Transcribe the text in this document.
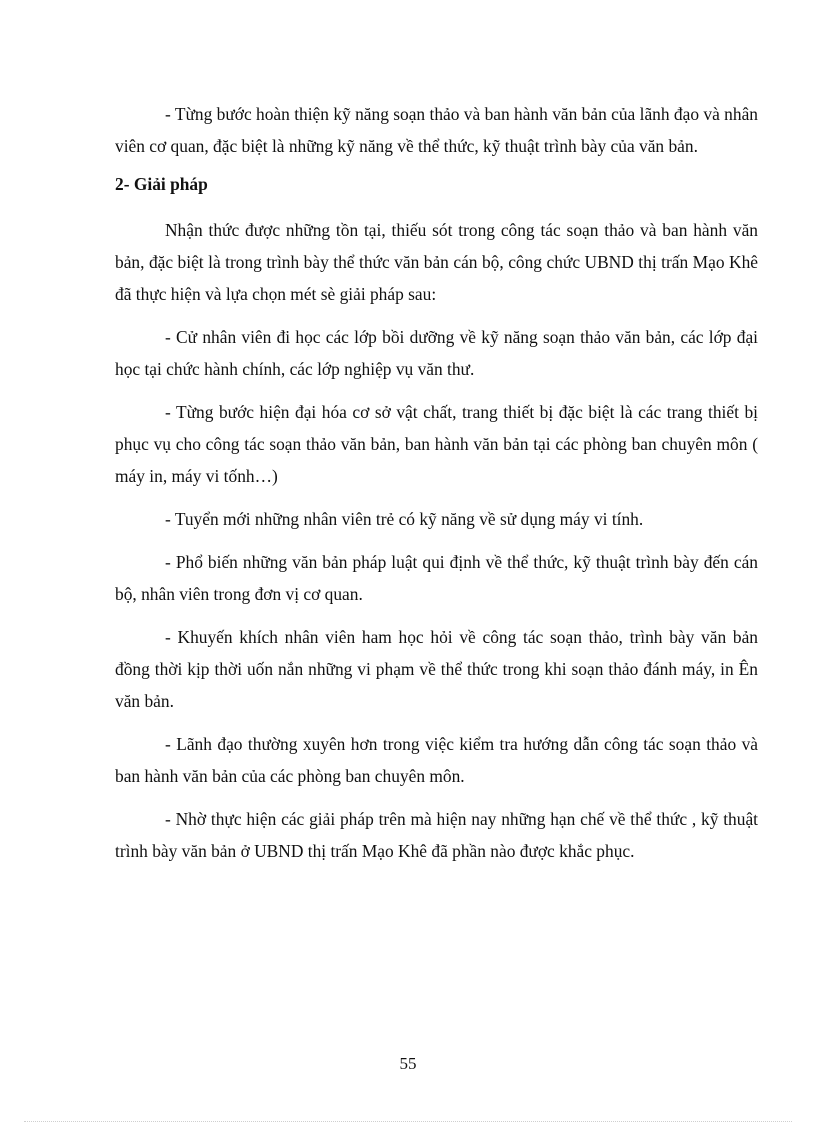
- Từng bước hoàn thiện kỹ năng soạn thảo và ban hành văn bản của lãnh đạo và nhân viên cơ quan, đặc biệt là những kỹ năng về thể thức, kỹ thuật trình bày của văn bản.

2- Giải pháp

Nhận thức được những tồn tại, thiếu sót trong công tác soạn thảo và ban hành văn bản, đặc biệt là trong trình bày thể thức văn bản cán bộ, công chức UBND thị trấn Mạo Khê đã thực hiện và lựa chọn mét sè giải pháp sau:

- Cử nhân viên đi học các lớp bồi dưỡng về kỹ năng soạn thảo văn bản, các lớp đại học tại chức hành chính, các lớp nghiệp vụ văn thư.

- Từng bước hiện đại hóa cơ sở vật chất, trang thiết bị đặc biệt là các trang thiết bị phục vụ cho công tác soạn thảo văn bản, ban hành văn bản tại các phòng ban chuyên môn ( máy in, máy vi tốnh…)

- Tuyển mới những nhân viên trẻ có kỹ năng về sử dụng máy vi tính.

- Phổ biến những văn bản pháp luật qui định về thể thức, kỹ thuật trình bày đến cán bộ, nhân viên trong đơn vị cơ quan.

- Khuyến khích nhân viên ham học hỏi về công tác soạn thảo, trình bày văn bản đồng thời kịp thời uốn nắn những vi phạm về thể thức trong khi soạn thảo đánh máy, in Ên văn bản.

- Lãnh đạo thường xuyên hơn trong việc kiểm tra hướng dẫn công tác soạn thảo và ban hành văn bản của các phòng ban chuyên môn.

- Nhờ thực hiện các giải pháp trên mà hiện nay những hạn chế về thể thức , kỹ thuật trình bày văn bản ở UBND thị trấn Mạo Khê đã phần nào được khắc phục.

55
